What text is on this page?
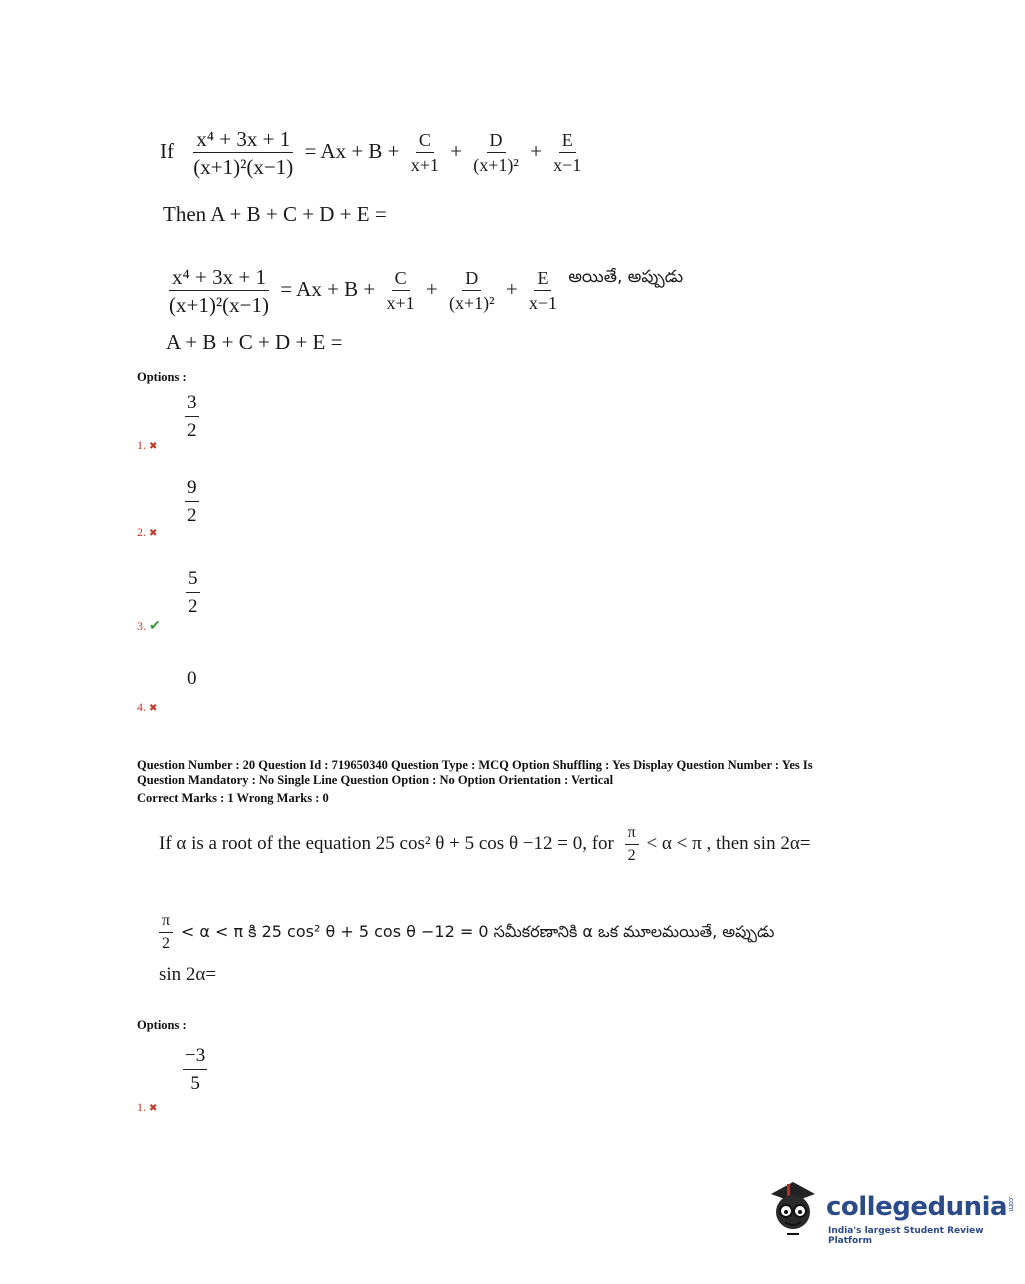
If $\frac{\text{x⁴ + 3x + 1}}{\text{(x+1)²(x−1)}} = Ax + B + \frac{C}{x+1} + \frac{D}{\text{(x+1)²}} + \frac{E}{x-1}$
Then A + B + C + D + E =
$\frac{\text{x⁴ + 3x + 1}}{\text{(x+1)²(x−1)}} = Ax + B + \frac{C}{x+1} + \frac{D}{\text{(x+1)²}} + \frac{E}{x-1} ^{అయితే, అప్పుడు}$
A + B + C + D + E =
Options :
3
2
1. ✖
9
2
2. ✖
5
2
3. ✔
0
4. ✖
Question Number : 20 Question Id : 719650340 Question Type : MCQ Option Shuffling : Yes Display Question Number : Yes Is
Question Mandatory : No Single Line Question Option : No Option Orientation : Vertical
Correct Marks : 1 Wrong Marks : 0
If α is a root of the equation 25 cos² θ + 5 cos θ −12 = 0, for $\frac{\pi}{2} < \alpha < \pi$ , then sin 2α=
$\frac{\pi}{2} < \alpha < \pi$ కి 25 cos² θ + 5 cos θ −12 = 0 సమీకరణానికి α ఒక మూలమయితే, అప్పుడు
sin 2α=
Options :
−3
5
1. ✖
collegedunia.com
India's largest Student Review Platform
